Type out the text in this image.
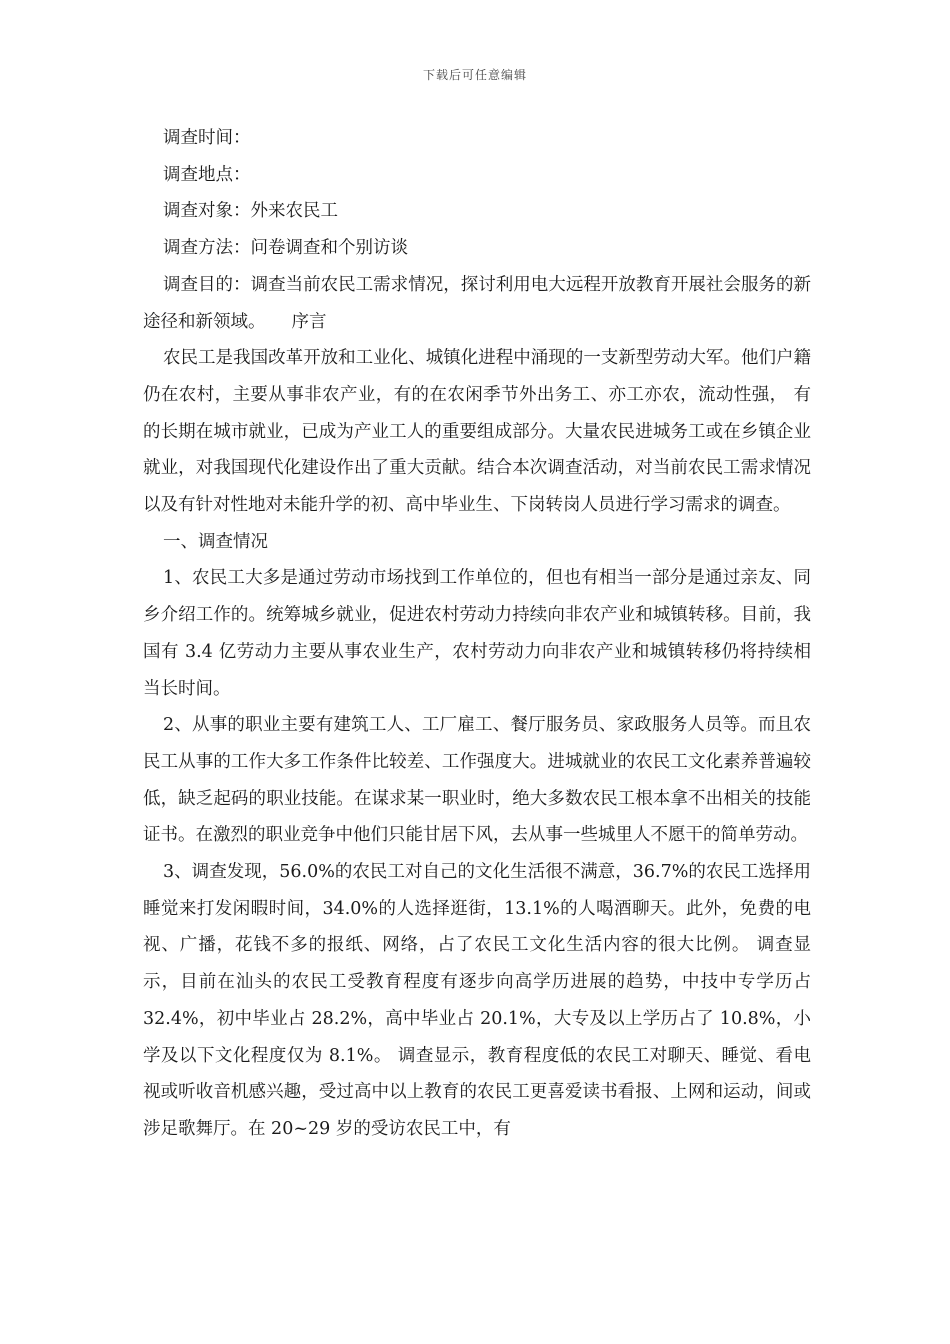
下载后可任意编辑

调查时间：

调查地点：

调查对象：外来农民工

调查方法：问卷调查和个别访谈

调查目的：调查当前农民工需求情况，探讨利用电大远程开放教育开展社会服务的新途径和新领域。 序言

农民工是我国改革开放和工业化、城镇化进程中涌现的一支新型劳动大军。他们户籍仍在农村，主要从事非农产业，有的在农闲季节外出务工、亦工亦农，流动性强， 有的长期在城市就业，已成为产业工人的重要组成部分。大量农民进城务工或在乡镇企业就业，对我国现代化建设作出了重大贡献。结合本次调查活动，对当前农民工需求情况以及有针对性地对未能升学的初、高中毕业生、下岗转岗人员进行学习需求的调查。

一、调查情况

1、农民工大多是通过劳动市场找到工作单位的，但也有相当一部分是通过亲友、同乡介绍工作的。统筹城乡就业，促进农村劳动力持续向非农产业和城镇转移。目前，我国有 3.4 亿劳动力主要从事农业生产，农村劳动力向非农产业和城镇转移仍将持续相当长时间。

2、从事的职业主要有建筑工人、工厂雇工、餐厅服务员、家政服务人员等。而且农民工从事的工作大多工作条件比较差、工作强度大。进城就业的农民工文化素养普遍较低，缺乏起码的职业技能。在谋求某一职业时，绝大多数农民工根本拿不出相关的技能证书。在激烈的职业竞争中他们只能甘居下风，去从事一些城里人不愿干的简单劳动。

3、调查发现，56.0%的农民工对自己的文化生活很不满意，36.7%的农民工选择用睡觉来打发闲暇时间，34.0%的人选择逛街，13.1%的人喝酒聊天。此外，免费的电视、广播，花钱不多的报纸、网络，占了农民工文化生活内容的很大比例。 调查显示，目前在汕头的农民工受教育程度有逐步向高学历进展的趋势，中技中专学历占 32.4%，初中毕业占 28.2%，高中毕业占 20.1%，大专及以上学历占了 10.8%，小学及以下文化程度仅为 8.1%。 调查显示，教育程度低的农民工对聊天、睡觉、看电视或听收音机感兴趣，受过高中以上教育的农民工更喜爱读书看报、上网和运动，间或涉足歌舞厅。在 20~29 岁的受访农民工中，有
